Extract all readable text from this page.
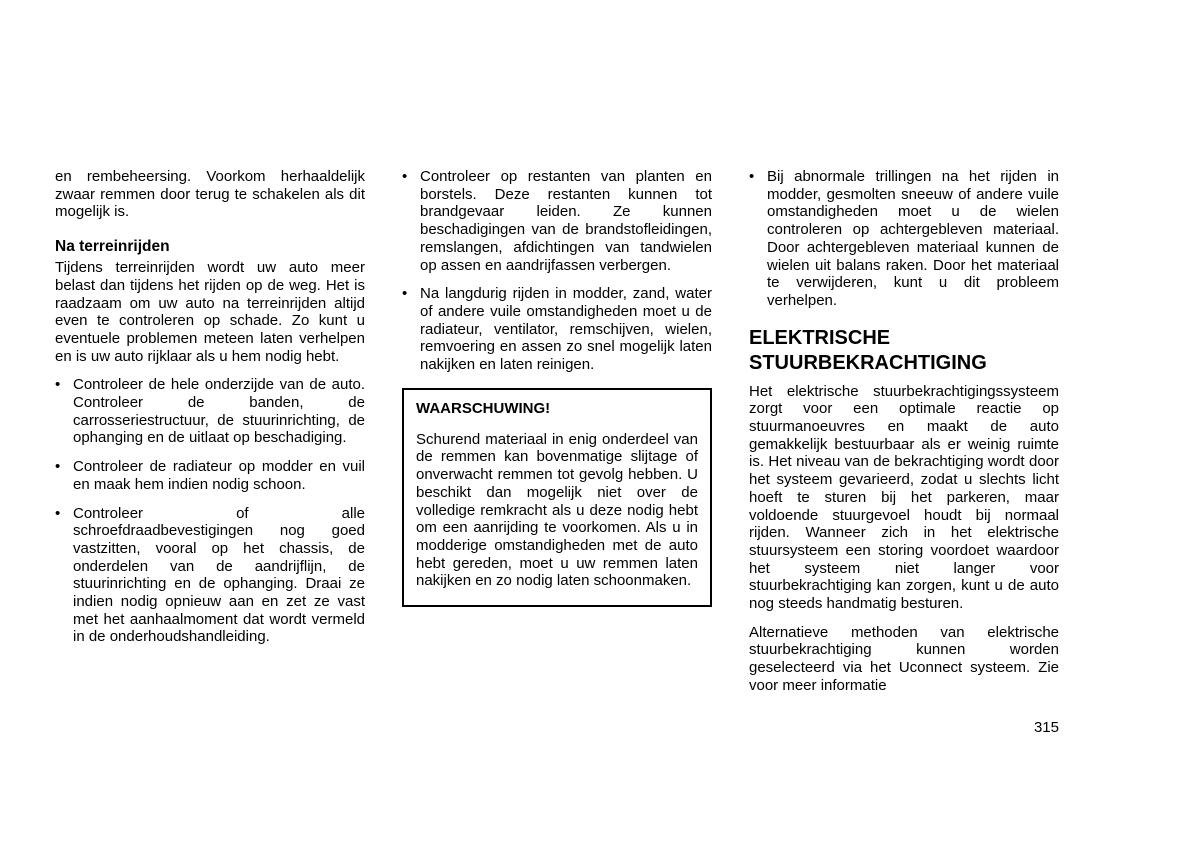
en rembeheersing. Voorkom herhaaldelijk zwaar remmen door terug te schakelen als dit mogelijk is.

Na terreinrijden

Tijdens terreinrijden wordt uw auto meer belast dan tijdens het rijden op de weg. Het is raadzaam om uw auto na terreinrijden altijd even te controleren op schade. Zo kunt u eventuele problemen meteen laten verhelpen en is uw auto rijklaar als u hem nodig hebt.

• Controleer de hele onderzijde van de auto. Controleer de banden, de carrosseriestructuur, de stuurinrichting, de ophanging en de uitlaat op beschadiging.
• Controleer de radiateur op modder en vuil en maak hem indien nodig schoon.
• Controleer of alle schroefdraadbevestigingen nog goed vastzitten, vooral op het chassis, de onderdelen van de aandrijflijn, de stuurinrichting en de ophanging. Draai ze indien nodig opnieuw aan en zet ze vast met het aanhaalmoment dat wordt vermeld in de onderhoudshandleiding.
• Controleer op restanten van planten en borstels. Deze restanten kunnen tot brandgevaar leiden. Ze kunnen beschadigingen van de brandstofleidingen, remslangen, afdichtingen van tandwielen op assen en aandrijfassen verbergen.
• Na langdurig rijden in modder, zand, water of andere vuile omstandigheden moet u de radiateur, ventilator, remschijven, wielen, remvoering en assen zo snel mogelijk laten nakijken en laten reinigen.
WAARSCHUWING!

Schurend materiaal in enig onderdeel van de remmen kan bovenmatige slijtage of onverwacht remmen tot gevolg hebben. U beschikt dan mogelijk niet over de volledige remkracht als u deze nodig hebt om een aanrijding te voorkomen. Als u in modderige omstandigheden met de auto hebt gereden, moet u uw remmen laten nakijken en zo nodig laten schoonmaken.

• Bij abnormale trillingen na het rijden in modder, gesmolten sneeuw of andere vuile omstandigheden moet u de wielen controleren op achtergebleven materiaal. Door achtergebleven materiaal kunnen de wielen uit balans raken. Door het materiaal te verwijderen, kunt u dit probleem verhelpen.
ELEKTRISCHE STUURBEKRACHTIGING

Het elektrische stuurbekrachtigingssysteem zorgt voor een optimale reactie op stuurmanoeuvres en maakt de auto gemakkelijk bestuurbaar als er weinig ruimte is. Het niveau van de bekrachtiging wordt door het systeem gevarieerd, zodat u slechts licht hoeft te sturen bij het parkeren, maar voldoende stuurgevoel houdt bij normaal rijden. Wanneer zich in het elektrische stuursysteem een storing voordoet waardoor het systeem niet langer voor stuurbekrachtiging kan zorgen, kunt u de auto nog steeds handmatig besturen.

Alternatieve methoden van elektrische stuurbekrachtiging kunnen worden geselecteerd via het Uconnect systeem. Zie voor meer informatie

315
